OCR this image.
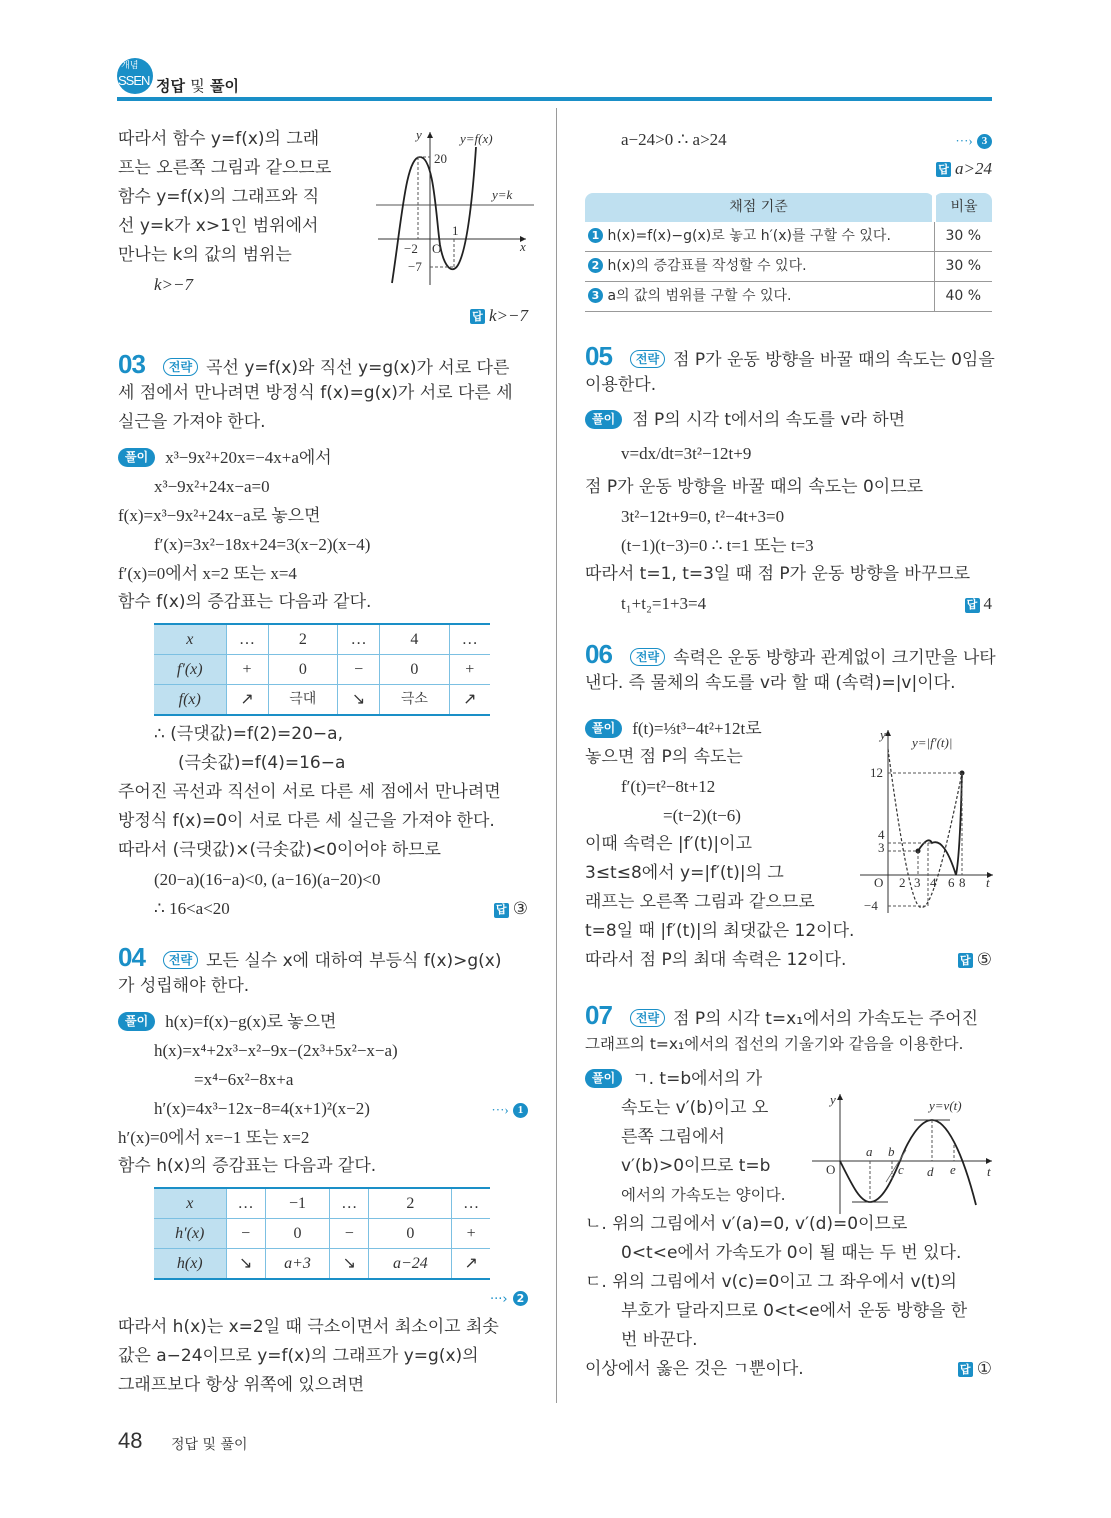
개념
SSEN 정답 및 풀이
따라서 함수 y=f(x)의 그래
프는 오른쪽 그림과 같으므로
함수 y=f(x)의 그래프와 직
선 y=k가 x>1인 범위에서
만나는 k의 값의 범위는
k>−7
답 k>−7
03 전략 곡선 y=f(x)와 직선 y=g(x)가 서로 다른
세 점에서 만나려면 방정식 f(x)=g(x)가 서로 다른 세
실근을 가져야 한다.
풀이 x³−9x²+20x=−4x+a에서
x³−9x²+24x−a=0
f(x)=x³−9x²+24x−a로 놓으면
f′(x)=3x²−18x+24=3(x−2)(x−4)
f′(x)=0에서 x=2 또는 x=4
함수 f(x)의 증감표는 다음과 같다.
x	…	2	…	4	…
f′(x)	+	0	−	0	+
f(x)	↗	극대	↘	극소	↗
∴ (극댓값)=f(2)=20−a,
(극솟값)=f(4)=16−a
주어진 곡선과 직선이 서로 다른 세 점에서 만나려면
방정식 f(x)=0이 서로 다른 세 실근을 가져야 한다.
따라서 (극댓값)×(극솟값)<0이어야 하므로
(20−a)(16−a)<0, (a−16)(a−20)<0
∴ 16<a<20	답 ③
04 전략 모든 실수 x에 대하여 부등식 f(x)>g(x)
가 성립해야 한다.
풀이 h(x)=f(x)−g(x)로 놓으면
h(x)=x⁴+2x³−x²−9x−(2x³+5x²−x−a)
=x⁴−6x²−8x+a
h′(x)=4x³−12x−8=4(x+1)²(x−2)	···› 1
h′(x)=0에서 x=−1 또는 x=2
함수 h(x)의 증감표는 다음과 같다.
x	…	−1	…	2	…
h′(x)	−	0	−	0	+
h(x)	↘	a+3	↘	a−24	↗
···› 2
따라서 h(x)는 x=2일 때 극소이면서 최소이고 최솟
값은 a−24이므로 y=f(x)의 그래프가 y=g(x)의
그래프보다 항상 위쪽에 있으려면
20
y	y=f(x)
y=k
1
x
−2 O
−7
a−24>0 ∴ a>24	···› 3
답 a>24
채점 기준	비율
1 h(x)=f(x)−g(x)로 놓고 h′(x)를 구할 수 있다.	30 %
2 h(x)의 증감표를 작성할 수 있다.	30 %
3 a의 값의 범위를 구할 수 있다.	40 %
05 전략 점 P가 운동 방향을 바꿀 때의 속도는 0임을
이용한다.
풀이 점 P의 시각 t에서의 속도를 v라 하면
v=dx/dt=3t²−12t+9
점 P가 운동 방향을 바꿀 때의 속도는 0이므로
3t²−12t+9=0, t²−4t+3=0
(t−1)(t−3)=0 ∴ t=1 또는 t=3
따라서 t=1, t=3일 때 점 P가 운동 방향을 바꾸므로
t₁+t₂=1+3=4	답 4
06 전략 속력은 운동 방향과 관계없이 크기만을 나타
낸다. 즉 물체의 속도를 v라 할 때 (속력)=|v|이다.
풀이 f(t)=⅓t³−4t²+12t로
놓으면 점 P의 속도는
f′(t)=t²−8t+12
=(t−2)(t−6)
이때 속력은 |f′(t)|이고
3≤t≤8에서 y=|f′(t)|의 그
래프는 오른쪽 그림과 같으므로
t=8일 때 |f′(t)|의 최댓값은 12이다.
따라서 점 P의 최대 속력은 12이다.	답 ⑤
07 전략 점 P의 시각 t=x₁에서의 가속도는 주어진
그래프의 t=x₁에서의 접선의 기울기와 같음을 이용한다.
풀이 ㄱ. t=b에서의 가
속도는 v′(b)이고 오
른쪽 그림에서
v′(b)>0이므로 t=b
에서의 가속도는 양이다.
ㄴ. 위의 그림에서 v′(a)=0, v′(d)=0이므로
0<t<e에서 가속도가 0이 될 때는 두 번 있다.
ㄷ. 위의 그림에서 v(c)=0이고 그 좌우에서 v(t)의
부호가 달라지므로 0<t<e에서 운동 방향을 한
번 바꾼다.
이상에서 옳은 것은 ㄱ뿐이다.	답 ①
y
y=|f′(t)|
12
4
3
−4
O 2 3 4 6 8 t
y	y=v(t)
O
a b
c d e t
48 정답 및 풀이
